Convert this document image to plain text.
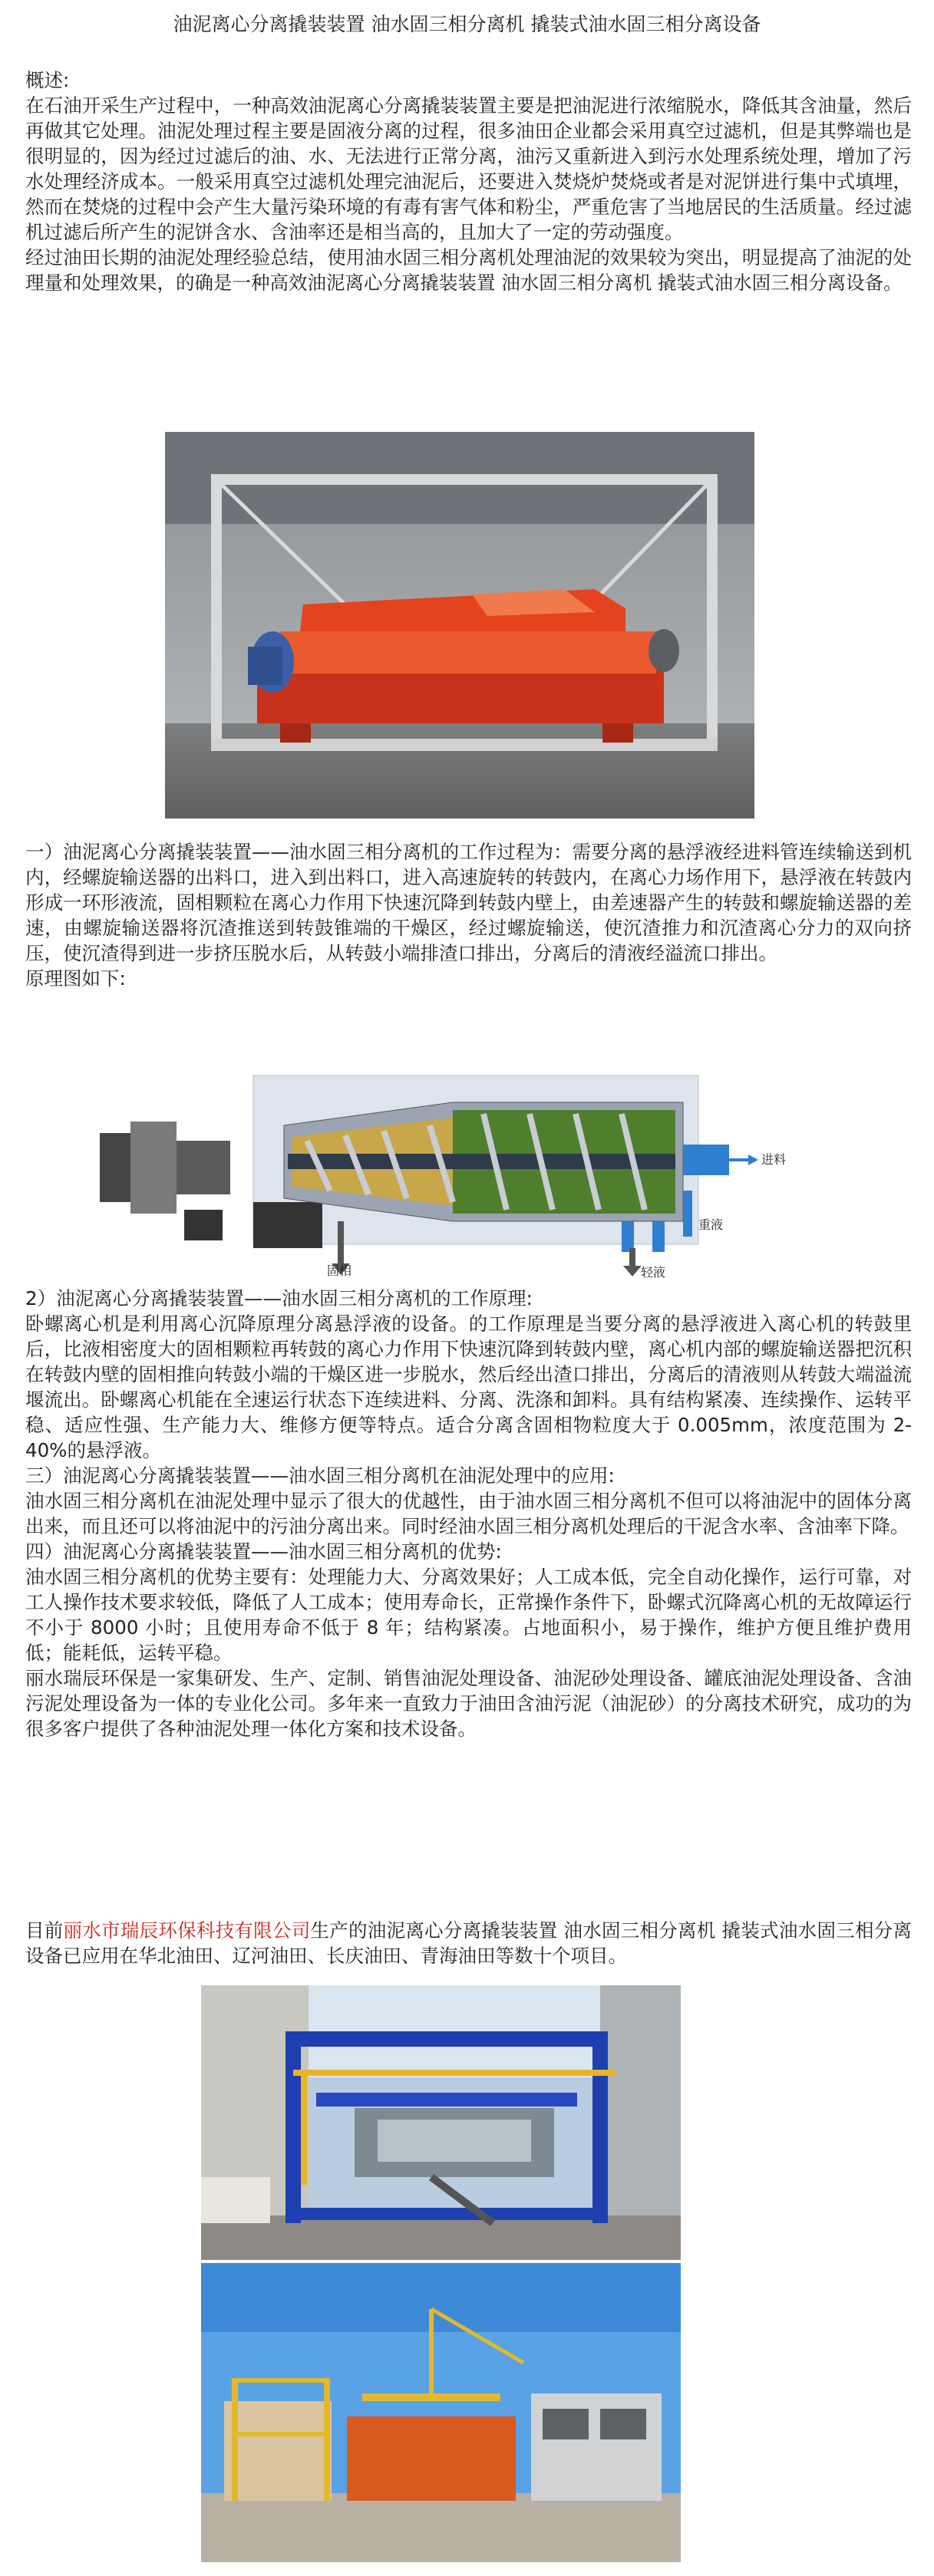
油泥离心分离撬装装置 油水固三相分离机 撬装式油水固三相分离设备

概述:

在石油开采生产过程中，一种高效油泥离心分离撬装装置主要是把油泥进行浓缩脱水，降低其含油量，然后再做其它处理。油泥处理过程主要是固液分离的过程，很多油田企业都会采用真空过滤机，但是其弊端也是很明显的，因为经过过滤后的油、水、无法进行正常分离，油污又重新进入到污水处理系统处理，增加了污水处理经济成本。一般采用真空过滤机处理完油泥后，还要进入焚烧炉焚烧或者是对泥饼进行集中式填埋，然而在焚烧的过程中会产生大量污染环境的有毒有害气体和粉尘，严重危害了当地居民的生活质量。经过滤机过滤后所产生的泥饼含水、含油率还是相当高的，且加大了一定的劳动强度。

经过油田长期的油泥处理经验总结，使用油水固三相分离机处理油泥的效果较为突出，明显提高了油泥的处理量和处理效果，的确是一种高效油泥离心分离撬装装置 油水固三相分离机 撬装式油水固三相分离设备。

一）油泥离心分离撬装装置——油水固三相分离机的工作过程为：需要分离的悬浮液经进料管连续输送到机内，经螺旋输送器的出料口，进入到出料口，进入高速旋转的转鼓内，在离心力场作用下，悬浮液在转鼓内形成一环形液流，固相颗粒在离心力作用下快速沉降到转鼓内壁上，由差速器产生的转鼓和螺旋输送器的差速，由螺旋输送器将沉渣推送到转鼓锥端的干燥区，经过螺旋输送，使沉渣推力和沉渣离心分力的双向挤压，使沉渣得到进一步挤压脱水后，从转鼓小端排渣口排出，分离后的清液经溢流口排出。

原理图如下:

固相	轻液
重液
进料

2）油泥离心分离撬装装置——油水固三相分离机的工作原理:

卧螺离心机是利用离心沉降原理分离悬浮液的设备。的工作原理是当要分离的悬浮液进入离心机的转鼓里后，比液相密度大的固相颗粒再转鼓的离心力作用下快速沉降到转鼓内壁，离心机内部的螺旋输送器把沉积在转鼓内壁的固相推向转鼓小端的干燥区进一步脱水，然后经出渣口排出，分离后的清液则从转鼓大端溢流堰流出。卧螺离心机能在全速运行状态下连续进料、分离、洗涤和卸料。具有结构紧凑、连续操作、运转平稳、适应性强、生产能力大、维修方便等特点。适合分离含固相物粒度大于 0.005mm，浓度范围为 2-40%的悬浮液。

三）油泥离心分离撬装装置——油水固三相分离机在油泥处理中的应用:

油水固三相分离机在油泥处理中显示了很大的优越性，由于油水固三相分离机不但可以将油泥中的固体分离出来，而且还可以将油泥中的污油分离出来。同时经油水固三相分离机处理后的干泥含水率、含油率下降。

四）油泥离心分离撬装装置——油水固三相分离机的优势:

油水固三相分离机的优势主要有：处理能力大、分离效果好；人工成本低，完全自动化操作，运行可靠，对工人操作技术要求较低，降低了人工成本；使用寿命长，正常操作条件下，卧螺式沉降离心机的无故障运行不小于 8000 小时；且使用寿命不低于 8 年；结构紧凑。占地面积小，易于操作，维护方便且维护费用低；能耗低，运转平稳。

丽水瑞辰环保是一家集研发、生产、定制、销售油泥处理设备、油泥砂处理设备、罐底油泥处理设备、含油污泥处理设备为一体的专业化公司。多年来一直致力于油田含油污泥（油泥砂）的分离技术研究，成功的为很多客户提供了各种油泥处理一体化方案和技术设备。

目前丽水市瑞辰环保科技有限公司生产的油泥离心分离撬装装置 油水固三相分离机 撬装式油水固三相分离设备已应用在华北油田、辽河油田、长庆油田、青海油田等数十个项目。
